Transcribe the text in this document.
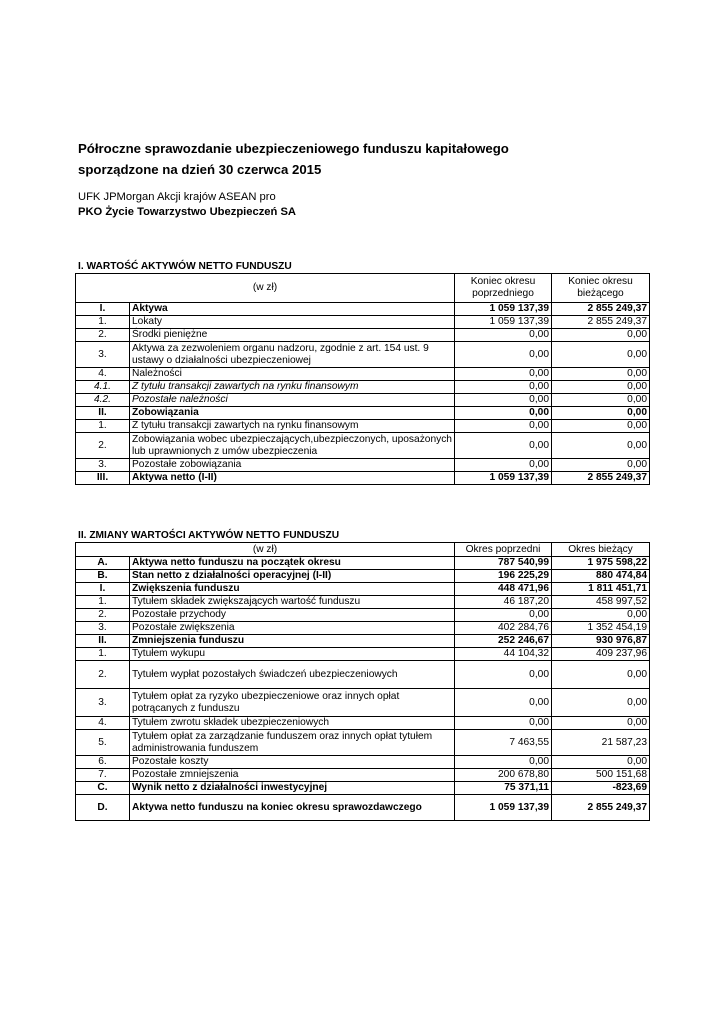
Półroczne sprawozdanie ubezpieczeniowego funduszu kapitałowego
sporządzone na dzień 30 czerwca 2015
UFK JPMorgan Akcji krajów ASEAN pro
PKO Życie Towarzystwo Ubezpieczeń SA
I. WARTOŚĆ AKTYWÓW NETTO FUNDUSZU
(w zł)		Koniec okresu poprzedniego	Koniec okresu bieżącego
I.	Aktywa	1 059 137,39	2 855 249,37
1.	Lokaty	1 059 137,39	2 855 249,37
2.	Środki pieniężne	0,00	0,00
3.	Aktywa za zezwoleniem organu nadzoru, zgodnie z art. 154 ust. 9 ustawy o działalności ubezpieczeniowej	0,00	0,00
4.	Należności	0,00	0,00
4.1.	Z tytułu transakcji zawartych na rynku finansowym	0,00	0,00
4.2.	Pozostałe należności	0,00	0,00
II.	Zobowiązania	0,00	0,00
1.	Z tytułu transakcji zawartych na rynku finansowym	0,00	0,00
2.	Zobowiązania wobec ubezpieczających,ubezpieczonych, uposażonych lub uprawnionych z umów ubezpieczenia	0,00	0,00
3.	Pozostałe zobowiązania	0,00	0,00
III.	Aktywa netto (I-II)	1 059 137,39	2 855 249,37
II. ZMIANY WARTOŚCI AKTYWÓW NETTO FUNDUSZU
(w zł)		Okres poprzedni	Okres bieżący
A.	Aktywa netto funduszu na początek okresu	787 540,99	1 975 598,22
B.	Stan netto z działalności operacyjnej (I-II)	196 225,29	880 474,84
I.	Zwiększenia funduszu	448 471,96	1 811 451,71
1.	Tytułem składek zwiększających wartość funduszu	46 187,20	458 997,52
2.	Pozostałe przychody	0,00	0,00
3.	Pozostałe zwiększenia	402 284,76	1 352 454,19
II.	Zmniejszenia funduszu	252 246,67	930 976,87
1.	Tytułem wykupu	44 104,32	409 237,96
2.	Tytułem wypłat pozostałych świadczeń ubezpieczeniowych	0,00	0,00
3.	Tytułem opłat za ryzyko ubezpieczeniowe oraz innych opłat potrącanych z funduszu	0,00	0,00
4.	Tytułem zwrotu składek ubezpieczeniowych	0,00	0,00
5.	Tytułem opłat za zarządzanie funduszem oraz innych opłat tytułem administrowania funduszem	7 463,55	21 587,23
6.	Pozostałe koszty	0,00	0,00
7.	Pozostałe zmniejszenia	200 678,80	500 151,68
C.	Wynik netto z działalności inwestycyjnej	75 371,11	-823,69
D.	Aktywa netto funduszu na koniec okresu sprawozdawczego	1 059 137,39	2 855 249,37
